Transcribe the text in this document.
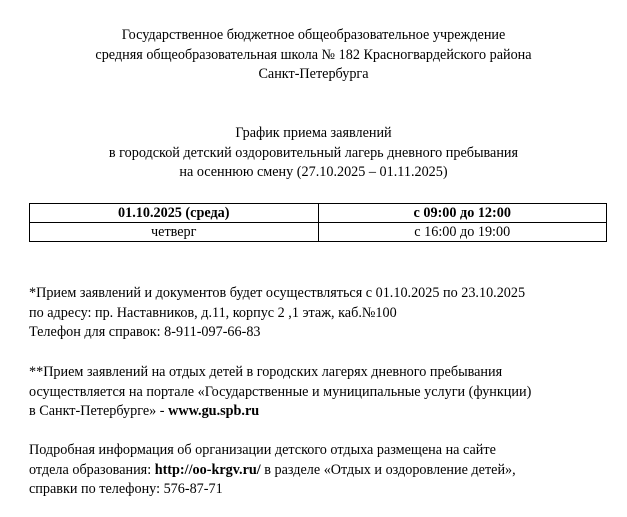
Государственное бюджетное общеобразовательное учреждение
средняя общеобразовательная школа № 182 Красногвардейского района
Санкт-Петербурга
График приема заявлений
в городской детский оздоровительный лагерь дневного пребывания
на осеннюю смену (27.10.2025 – 01.11.2025)
01.10.2025 (среда)	с 09:00 до 12:00
четверг	с 16:00 до 19:00
*Прием заявлений и документов будет осуществляться с 01.10.2025 по 23.10.2025
по адресу: пр. Наставников, д.11, корпус 2 ,1 этаж, каб.№100
Телефон для справок: 8-911-097-66-83
**Прием заявлений на отдых детей в городских лагерях дневного пребывания
осуществляется на портале «Государственные и муниципальные услуги (функции)
в Санкт-Петербурге» - www.gu.spb.ru
Подробная информация об организации детского отдыха размещена на сайте
отдела образования: http://oo-krgv.ru/ в разделе «Отдых и оздоровление детей»,
справки по телефону: 576-87-71
